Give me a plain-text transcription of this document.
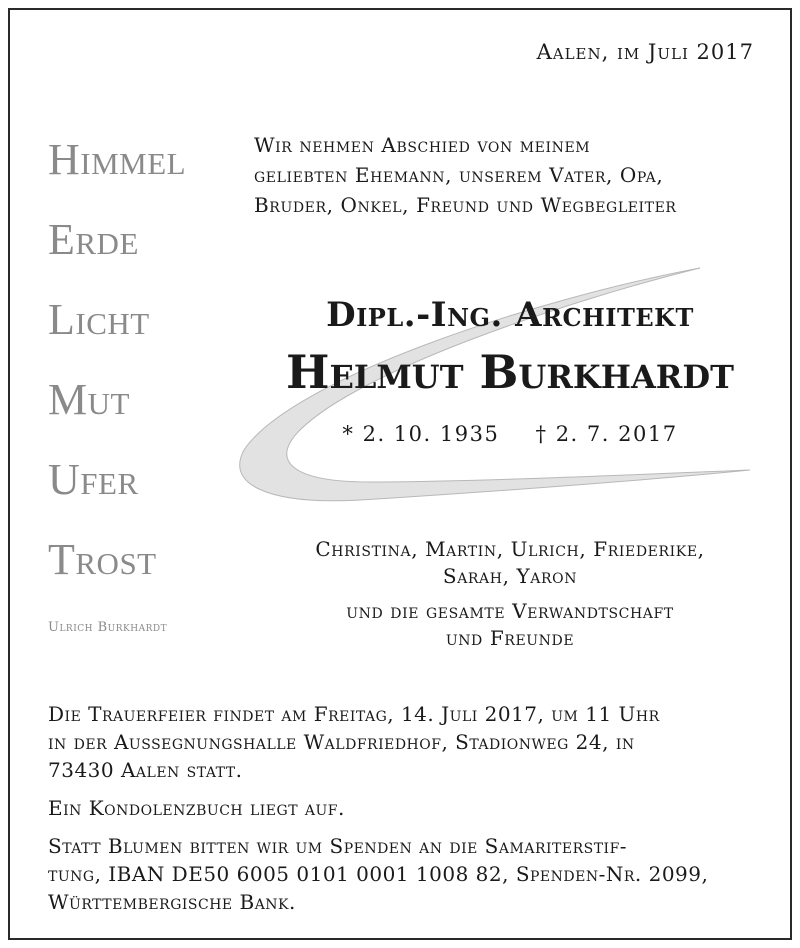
Aalen, im Juli 2017
Himmel
Erde
Licht
Mut
Ufer
Trost
Ulrich Burkhardt
Wir nehmen Abschied von meinem
geliebten Ehemann, unserem Vater, Opa,
Bruder, Onkel, Freund und Wegbegleiter
Dipl.-Ing. Architekt
Helmut Burkhardt
* 2. 10. 1935 † 2. 7. 2017
Christina, Martin, Ulrich, Friederike,
Sarah, Yaron
und die gesamte Verwandtschaft
und Freunde

Die Trauerfeier findet am Freitag, 14. Juli 2017, um 11 Uhr
in der Aussegnungshalle Waldfriedhof, Stadionweg 24, in
73430 Aalen statt.

Ein Kondolenzbuch liegt auf.

Statt Blumen bitten wir um Spenden an die Samariterstif-
tung, IBAN DE50 6005 0101 0001 1008 82, Spenden-Nr. 2099,
Württembergische Bank.
